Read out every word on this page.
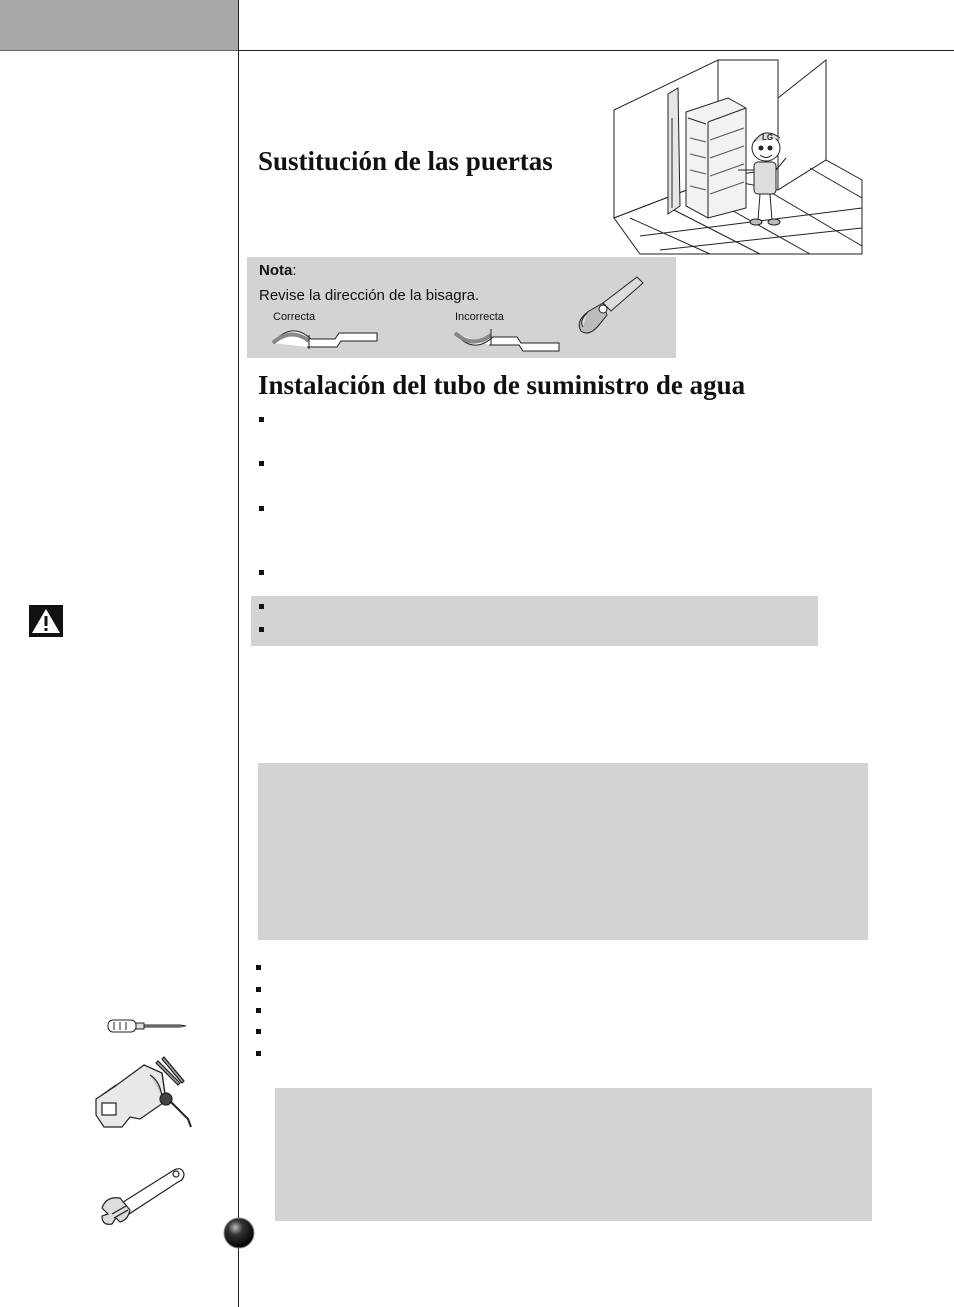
Sustitución de las puertas
LG
Nota:
Revise la dirección de la bisagra.
Correcta	Incorrecta
Instalación del tubo de suministro de agua
